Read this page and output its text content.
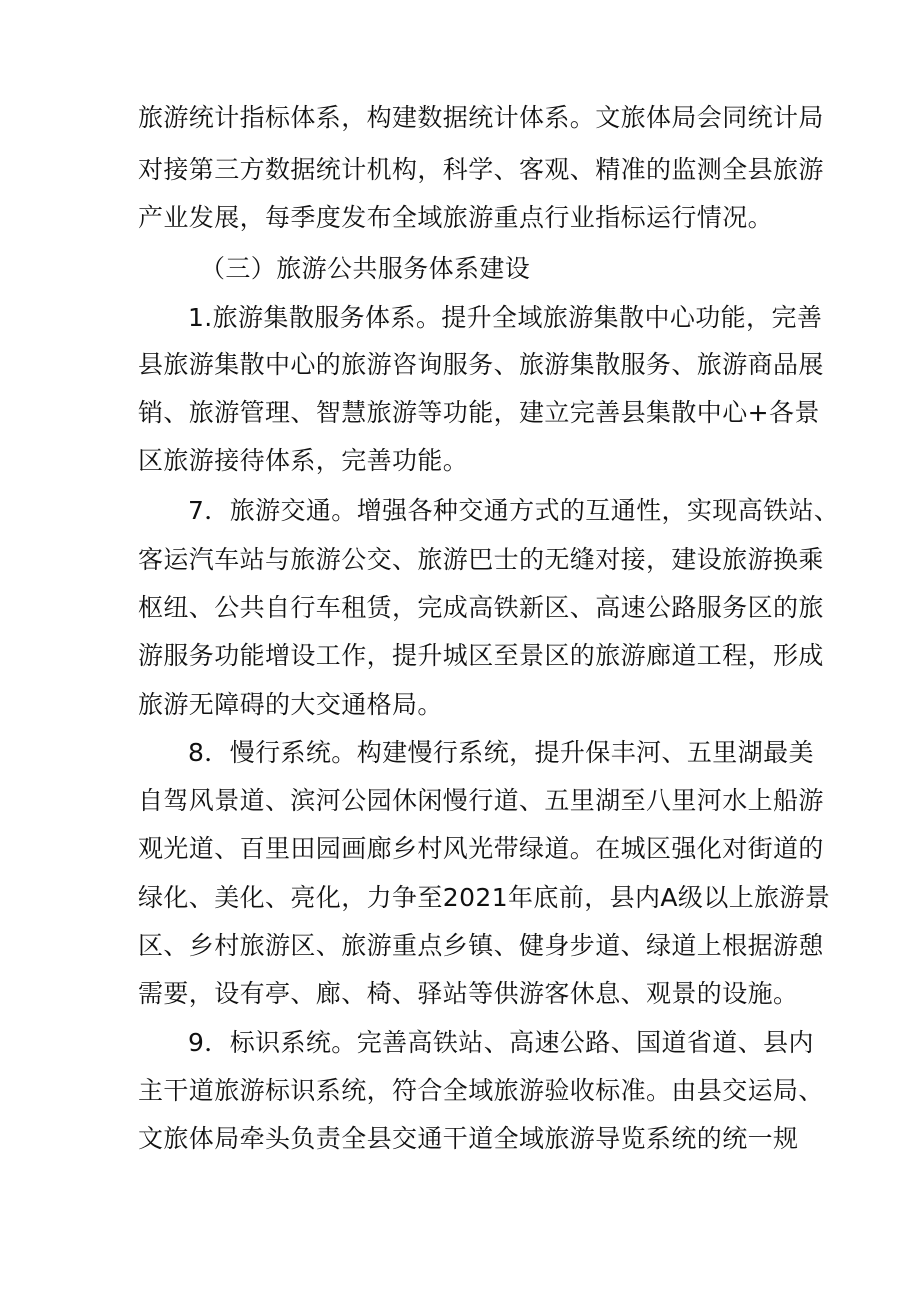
旅游统计指标体系，构建数据统计体系。文旅体局会同统计局
对接第三方数据统计机构，科学、客观、精准的监测全县旅游
产业发展，每季度发布全域旅游重点行业指标运行情况。
（三）旅游公共服务体系建设
1.旅游集散服务体系。提升全域旅游集散中心功能，完善
县旅游集散中心的旅游咨询服务、旅游集散服务、旅游商品展
销、旅游管理、智慧旅游等功能，建立完善县集散中心+各景
区旅游接待体系，完善功能。
7．旅游交通。增强各种交通方式的互通性，实现高铁站、
客运汽车站与旅游公交、旅游巴士的无缝对接，建设旅游换乘
枢纽、公共自行车租赁，完成高铁新区、高速公路服务区的旅
游服务功能增设工作，提升城区至景区的旅游廊道工程，形成
旅游无障碍的大交通格局。
8．慢行系统。构建慢行系统，提升保丰河、五里湖最美
自驾风景道、滨河公园休闲慢行道、五里湖至八里河水上船游
观光道、百里田园画廊乡村风光带绿道。在城区强化对街道的
绿化、美化、亮化，力争至2021年底前，县内A级以上旅游景
区、乡村旅游区、旅游重点乡镇、健身步道、绿道上根据游憩
需要，设有亭、廊、椅、驿站等供游客休息、观景的设施。
9．标识系统。完善高铁站、高速公路、国道省道、县内
主干道旅游标识系统，符合全域旅游验收标准。由县交运局、
文旅体局牵头负责全县交通干道全域旅游导览系统的统一规
